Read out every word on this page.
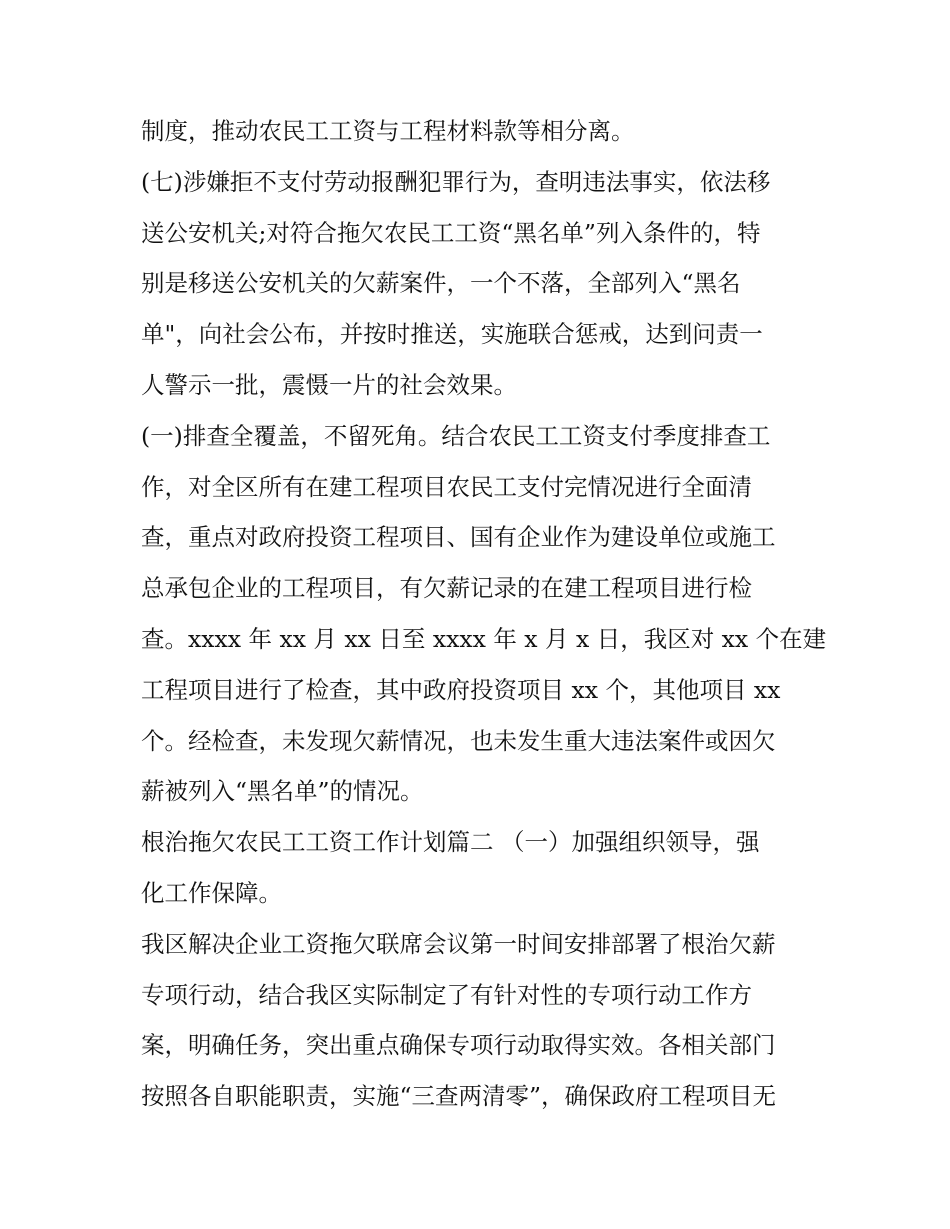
制度，推动农民工工资与工程材料款等相分离。
(七)涉嫌拒不支付劳动报酬犯罪行为，查明违法事实，依法移
送公安机关;对符合拖欠农民工工资“黑名单”列入条件的，特
别是移送公安机关的欠薪案件，一个不落，全部列入“黑名
单"，向社会公布，并按时推送，实施联合惩戒，达到问责一
人警示一批，震慑一片的社会效果。
(一)排查全覆盖，不留死角。结合农民工工资支付季度排查工
作，对全区所有在建工程项目农民工支付完情况进行全面清
查，重点对政府投资工程项目、国有企业作为建设单位或施工
总承包企业的工程项目，有欠薪记录的在建工程项目进行检
查。xxxx 年 xx 月 xx 日至 xxxx 年 x 月 x 日，我区对 xx 个在建
工程项目进行了检查，其中政府投资项目 xx 个，其他项目 xx
个。经检查，未发现欠薪情况，也未发生重大违法案件或因欠
薪被列入“黑名单”的情况。
根治拖欠农民工工资工作计划篇二 （一）加强组织领导，强
化工作保障。
我区解决企业工资拖欠联席会议第一时间安排部署了根治欠薪
专项行动，结合我区实际制定了有针对性的专项行动工作方
案，明确任务，突出重点确保专项行动取得实效。各相关部门
按照各自职能职责，实施“三查两清零”，确保政府工程项目无
